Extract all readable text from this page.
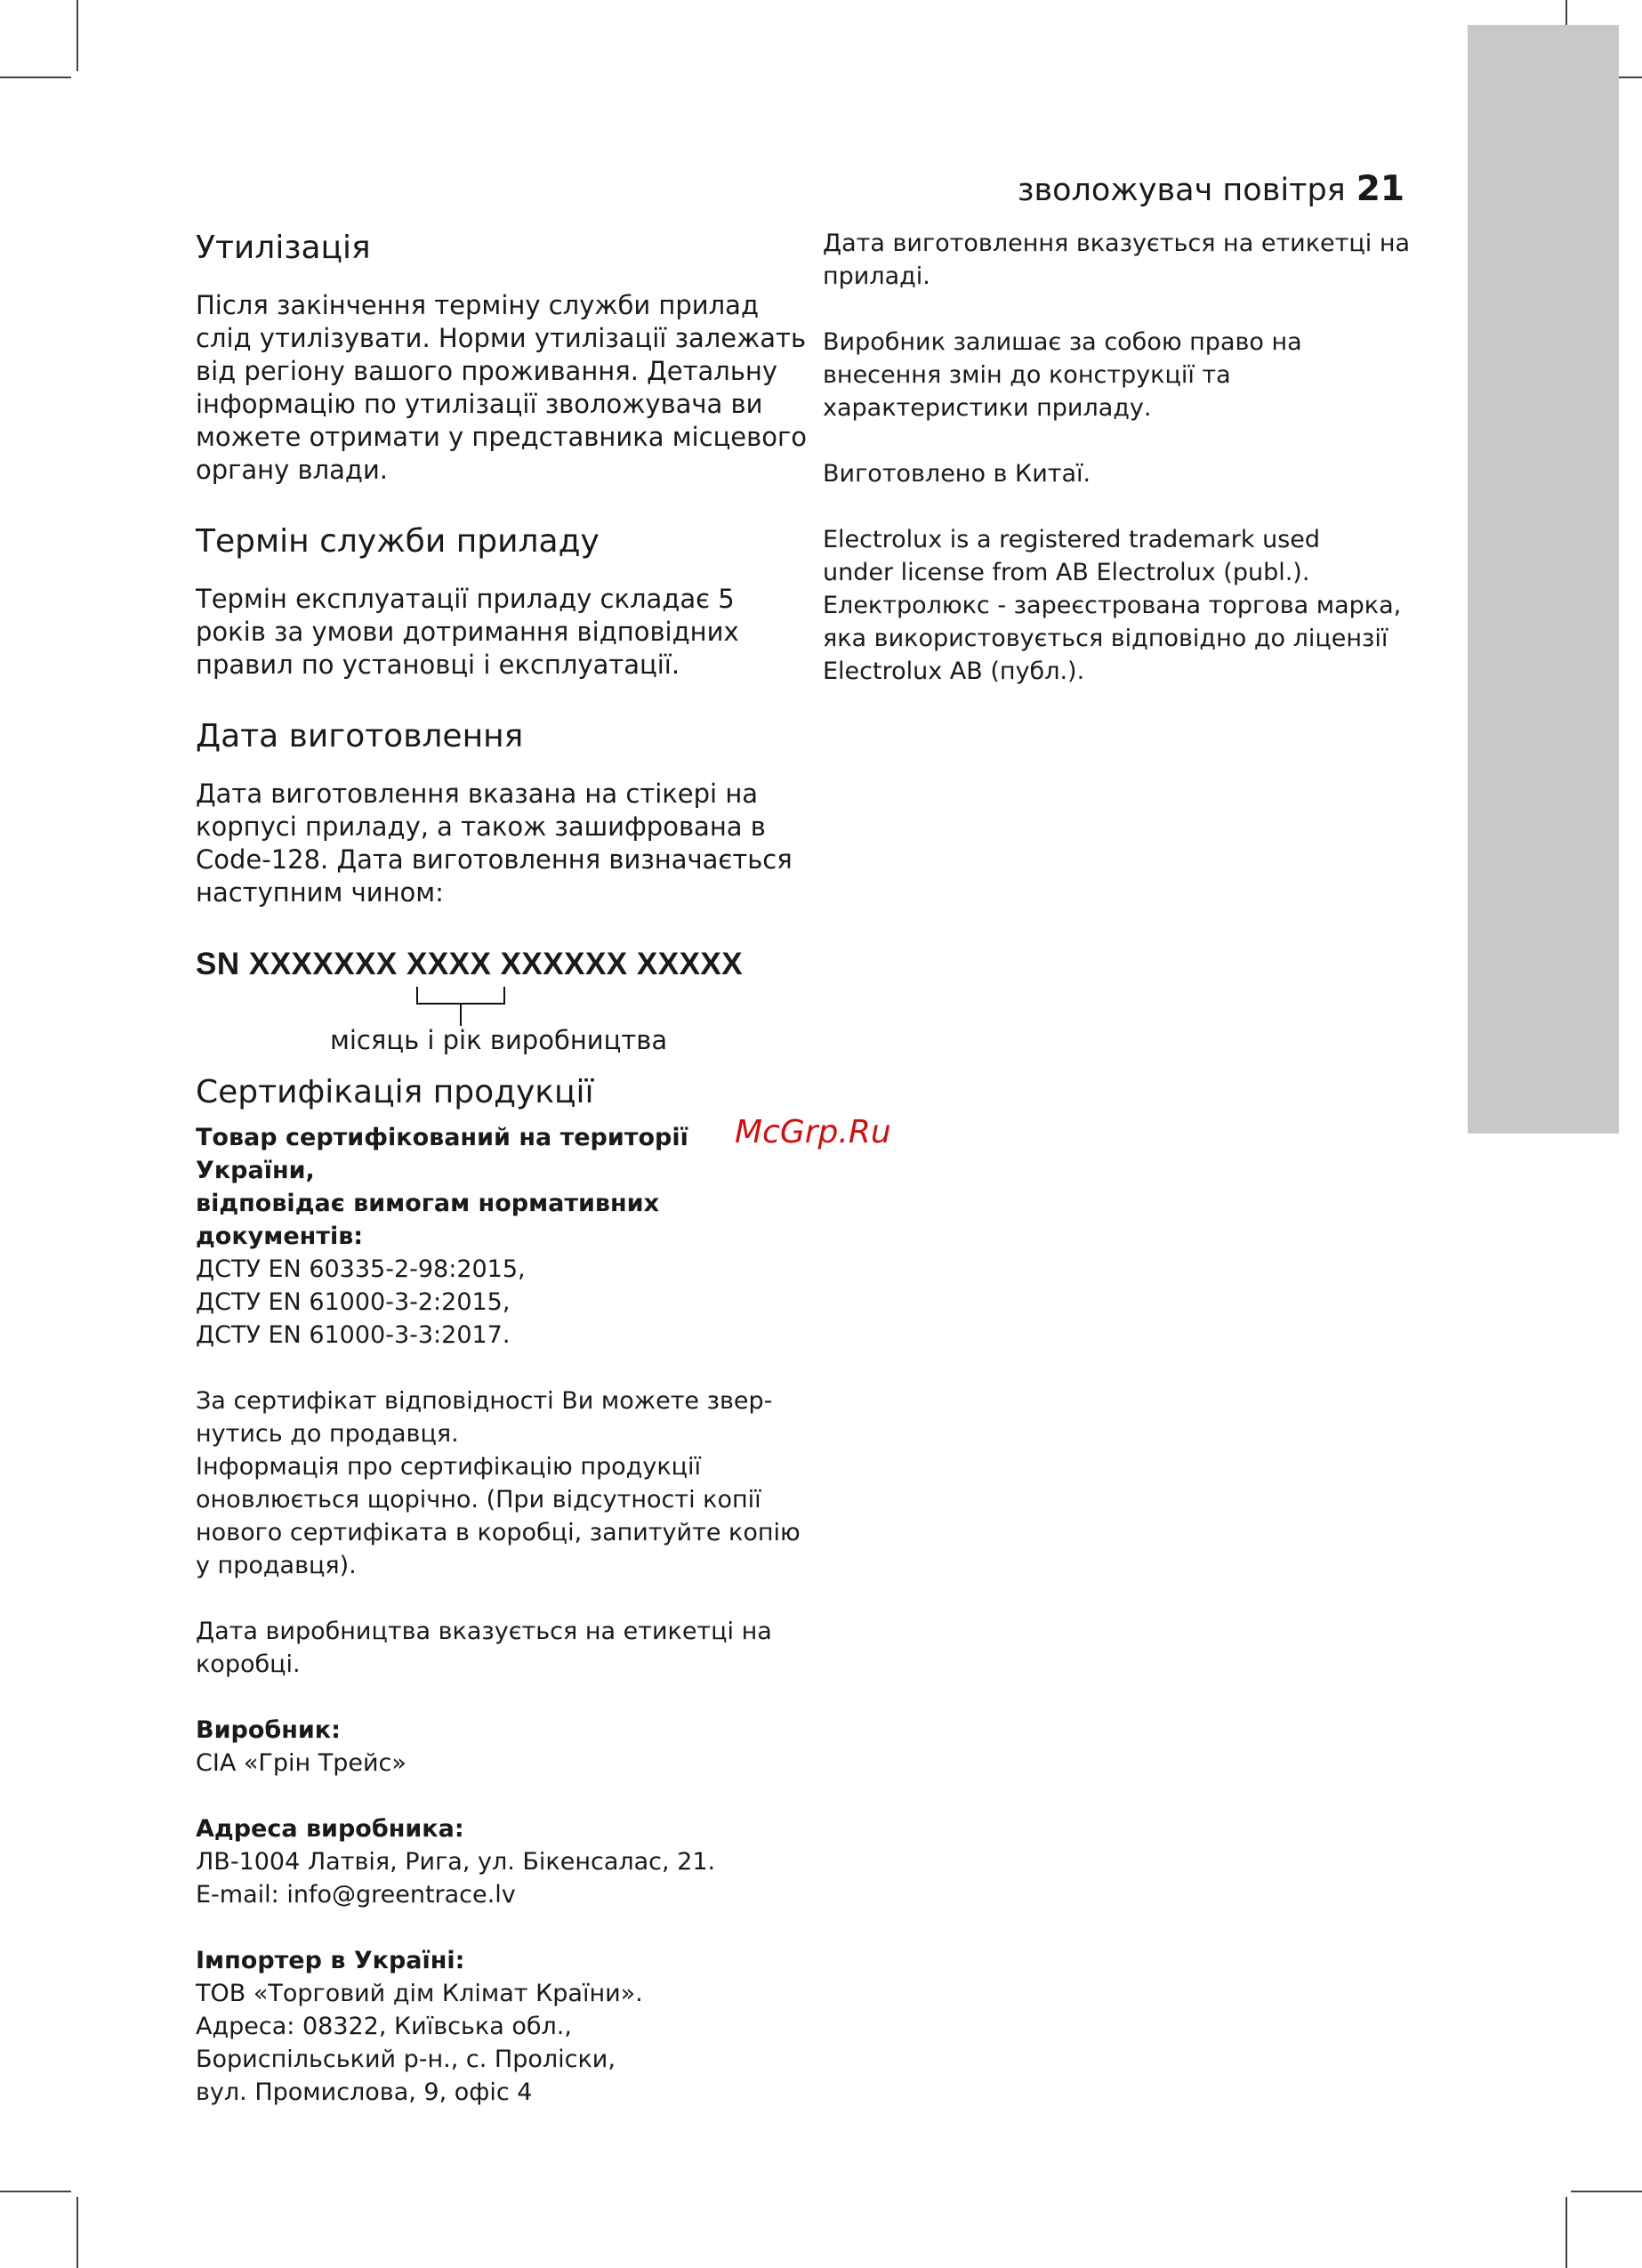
зволожувач повітря 21
Утилізація

Після закінчення терміну служби прилад слід утилізувати. Норми утилізації залежать від регіону вашого проживання. Детальну інформацію по утилізації зволожувача ви можете отримати у представника місцевого органу влади.

Термін служби приладу

Термін експлуатації приладу складає 5 років за умови дотримання відповідних правил по установці і експлуатації.

Дата виготовлення

Дата виготовлення вказана на стікері на корпусі приладу, а також зашифрована в Code-128. Дата виготовлення визначається наступним чином:

SN XXXXXXX XXXX XXXXXX XXXXX
місяць і рік виробництва
Сертифікація продукції

Товар сертифікований на території України,

відповідає вимогам нормативних документів:

ДСТУ EN 60335-2-98:2015,

ДСТУ EN 61000-3-2:2015,

ДСТУ EN 61000-3-3:2017.

За сертифікат відповідності Ви можете звер-нутись до продавця.

Інформація про сертифікацію продукції оновлюється щорічно. (При відсутності копії нового сертифіката в коробці, запитуйте копію у продавця).

Дата виробництва вказується на етикетці на коробці.

Виробник:

СІА «Грін Трейс»

Адреса виробника:

ЛВ-1004 Латвія, Рига, ул. Бікенсалас, 21.

E-mail: info@greentrace.lv

Імпортер в Україні:

ТОВ «Торговий дім Клімат Країни».

Адреса: 08322, Київська обл.,

Бориспільський р-н., с. Пролiски,

вул. Промислова, 9, офіс 4

Дата виготовлення вказується на етикетці на приладі.

Виробник залишає за собою право на внесення змін до конструкції та характеристики приладу.

Виготовлено в Китаї.

Electrolux is a registered trademark used

under license from AB Electrolux (publ.).

Електролюкс - зареєстрована торгова марка,

яка використовується відповідно до ліцензії

Electrolux AB (публ.).

McGrp.Ru
